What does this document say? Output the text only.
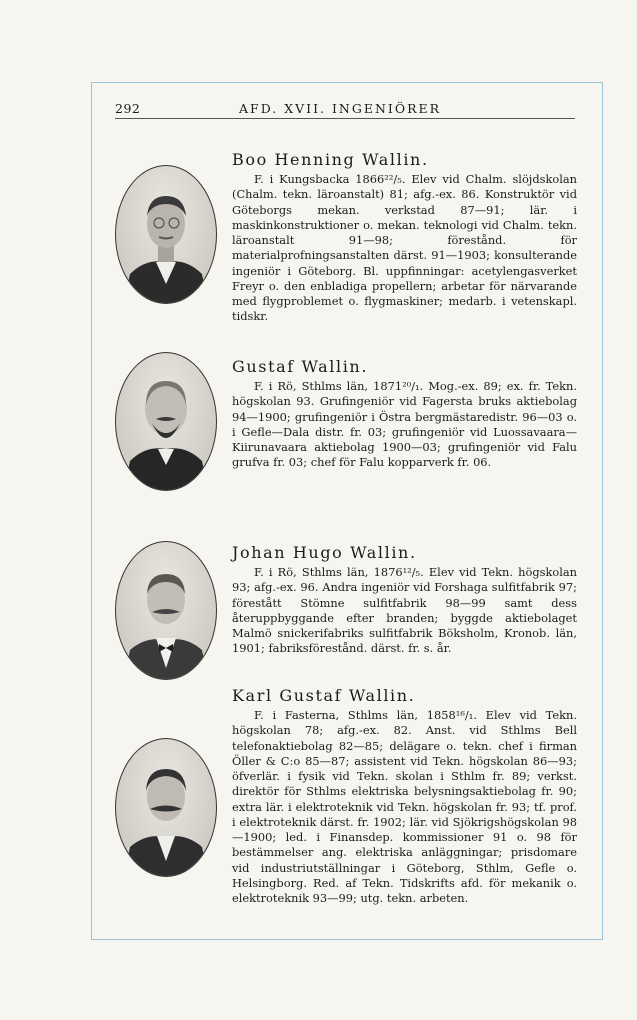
292	AFD. XVII. INGENIÖRER
Boo Henning Wallin.

F. i Kungsbacka 1866²²/₅. Elev vid Chalm. slöjdskolan (Chalm. tekn. läroanstalt) 81; afg.-ex. 86. Konstruktör vid Göteborgs mekan. verkstad 87—91; lär. i maskinkonstruktioner o. mekan. teknologi vid Chalm. tekn. läroanstalt 91—98; förestånd. för materialprofningsanstalten därst. 91—1903; konsulterande ingeniör i Göteborg. Bl. uppfinningar: acetylengasverket Freyr o. den enbladiga propellern; arbetar för närvarande med flygproblemet o. flygmaskiner; medarb. i vetenskapl. tidskr.

Gustaf Wallin.

F. i Rö, Sthlms län, 1871²⁰/₁. Mog.-ex. 89; ex. fr. Tekn. högskolan 93. Grufingeniör vid Fagersta bruks aktiebolag 94—1900; grufingeniör i Östra bergmästaredistr. 96—03 o. i Gefle—Dala distr. fr. 03; grufingeniör vid Luossavaara—Kiirunavaara aktiebolag 1900—03; grufingeniör vid Falu grufva fr. 03; chef för Falu kopparverk fr. 06.

Johan Hugo Wallin.

F. i Rö, Sthlms län, 1876¹²/₅. Elev vid Tekn. högskolan 93; afg.-ex. 96. Andra ingeniör vid Forshaga sulfitfabrik 97; förestått Stömne sulfitfabrik 98—99 samt dess återuppbyggande efter branden; byggde aktiebolaget Malmö snickerifabriks sulfitfabrik Böksholm, Kronob. län, 1901; fabriksförestånd. därst. fr. s. år.

Karl Gustaf Wallin.

F. i Fasterna, Sthlms län, 1858¹⁶/₁. Elev vid Tekn. högskolan 78; afg.-ex. 82. Anst. vid Sthlms Bell telefonaktiebolag 82—85; delägare o. tekn. chef i firman Öller & C:o 85—87; assistent vid Tekn. högskolan 86—93; öfverlär. i fysik vid Tekn. skolan i Sthlm fr. 89; verkst. direktör för Sthlms elektriska belysningsaktiebolag fr. 90; extra lär. i elektroteknik vid Tekn. högskolan fr. 93; tf. prof. i elektroteknik därst. fr. 1902; lär. vid Sjökrigshögskolan 98—1900; led. i Finansdep. kommissioner 91 o. 98 för bestämmelser ang. elektriska anläggningar; prisdomare vid industriutställningar i Göteborg, Sthlm, Gefle o. Helsingborg. Red. af Tekn. Tidskrifts afd. för mekanik o. elektroteknik 93—99; utg. tekn. arbeten.
